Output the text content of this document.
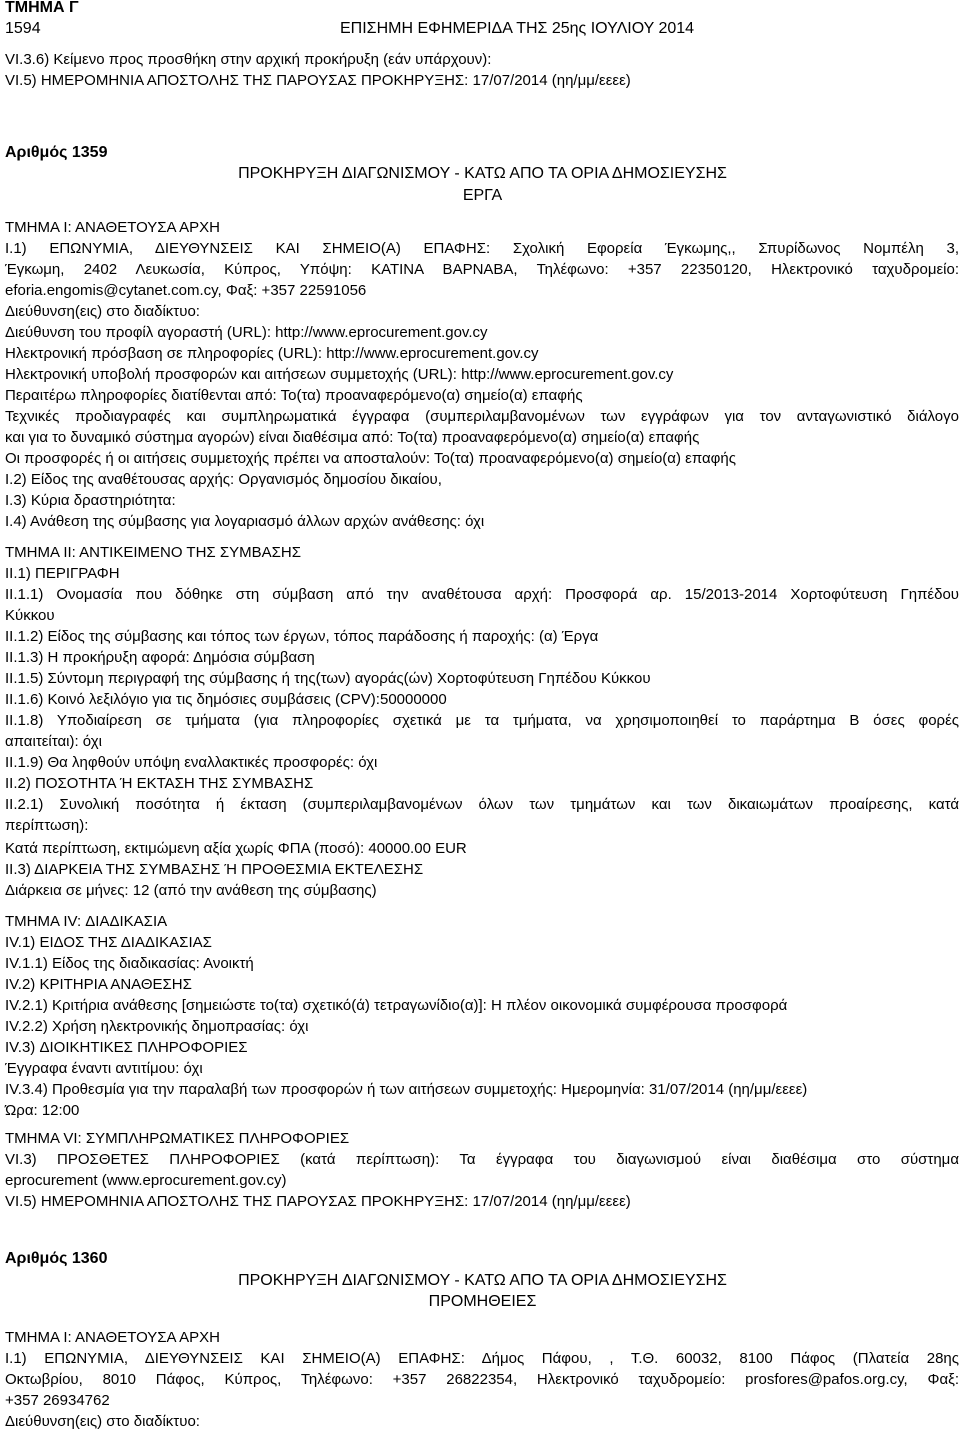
ΤΜΗΜΑ Γ
1594	ΕΠΙΣΗΜΗ ΕΦΗΜΕΡΙΔΑ ΤΗΣ 25ης ΙΟΥΛΙΟΥ 2014
VI.3.6) Κείμενο προς προσθήκη στην αρχική προκήρυξη (εάν υπάρχουν):
VI.5) ΗΜΕΡΟΜΗΝΙΑ ΑΠΟΣΤΟΛΗΣ ΤΗΣ ΠΑΡΟΥΣΑΣ ΠΡΟΚΗΡΥΞΗΣ: 17/07/2014 (ηη/μμ/εεεε)
Αριθμός 1359
ΠΡΟΚΗΡΥΞΗ ΔΙΑΓΩΝΙΣΜΟΥ - ΚΑΤΩ ΑΠΟ ΤΑ ΟΡΙΑ ΔΗΜΟΣΙΕΥΣΗΣ
ΕΡΓΑ
ΤΜΗΜΑ Ι: ΑΝΑΘΕΤΟΥΣΑ ΑΡΧΗ
Ι.1) ΕΠΩΝΥΜΙΑ, ΔΙΕΥΘΥΝΣΕΙΣ ΚΑΙ ΣΗΜΕΙΟ(Α) ΕΠΑΦΗΣ: Σχολική Εφορεία Έγκωμης,, Σπυρίδωνος Νομπέλη 3,
Έγκωμη, 2402 Λευκωσία, Κύπρος, Υπόψη: ΚΑΤΙΝΑ ΒΑΡΝΑΒΑ, Τηλέφωνο: +357 22350120, Ηλεκτρονικό ταχυδρομείο:
eforia.engomis@cytanet.com.cy, Φαξ: +357 22591056
Διεύθυνση(εις) στο διαδίκτυο:
Διεύθυνση του προφίλ αγοραστή (URL): http://www.eprocurement.gov.cy
Ηλεκτρονική πρόσβαση σε πληροφορίες (URL): http://www.eprocurement.gov.cy
Ηλεκτρονική υποβολή προσφορών και αιτήσεων συμμετοχής (URL): http://www.eprocurement.gov.cy
Περαιτέρω πληροφορίες διατίθενται από: Το(τα) προαναφερόμενο(α) σημείο(α) επαφής
Τεχνικές προδιαγραφές και συμπληρωματικά έγγραφα (συμπεριλαμβανομένων των εγγράφων για τον ανταγωνιστικό διάλογο
και για το δυναμικό σύστημα αγορών) είναι διαθέσιμα από: Το(τα) προαναφερόμενο(α) σημείο(α) επαφής
Οι προσφορές ή οι αιτήσεις συμμετοχής πρέπει να αποσταλούν: Το(τα) προαναφερόμενο(α) σημείο(α) επαφής
Ι.2) Είδος της αναθέτουσας αρχής: Οργανισμός δημοσίου δικαίου,
Ι.3) Κύρια δραστηριότητα:
Ι.4) Ανάθεση της σύμβασης για λογαριασμό άλλων αρχών ανάθεσης: όχι
ΤΜΗΜΑ ΙΙ: ΑΝΤΙΚΕΙΜΕΝΟ ΤΗΣ ΣΥΜΒΑΣΗΣ
ΙΙ.1) ΠΕΡΙΓΡΑΦΗ
ΙΙ.1.1) Ονομασία που δόθηκε στη σύμβαση από την αναθέτουσα αρχή: Προσφορά αρ. 15/2013-2014 Χορτοφύτευση Γηπέδου
Κύκκου
ΙΙ.1.2) Είδος της σύμβασης και τόπος των έργων, τόπος παράδοσης ή παροχής: (α) Έργα
ΙΙ.1.3) Η προκήρυξη αφορά: Δημόσια σύμβαση
ΙΙ.1.5) Σύντομη περιγραφή της σύμβασης ή της(των) αγοράς(ών) Χορτοφύτευση Γηπέδου Κύκκου
ΙΙ.1.6) Κοινό λεξιλόγιο για τις δημόσιες συμβάσεις (CPV):50000000
ΙΙ.1.8) Υποδιαίρεση σε τμήματα (για πληροφορίες σχετικά με τα τμήματα, να χρησιμοποιηθεί το παράρτημα Β όσες φορές
απαιτείται): όχι
ΙΙ.1.9) Θα ληφθούν υπόψη εναλλακτικές προσφορές: όχι
ΙΙ.2) ΠΟΣΟΤΗΤΑ Ή ΕΚΤΑΣΗ ΤΗΣ ΣΥΜΒΑΣΗΣ
ΙΙ.2.1) Συνολική ποσότητα ή έκταση (συμπεριλαμβανομένων όλων των τμημάτων και των δικαιωμάτων προαίρεσης, κατά
περίπτωση):
Κατά περίπτωση, εκτιμώμενη αξία χωρίς ΦΠΑ (ποσό): 40000.00 EUR
ΙΙ.3) ΔΙΑΡΚΕΙΑ ΤΗΣ ΣΥΜΒΑΣΗΣ Ή ΠΡΟΘΕΣΜΙΑ ΕΚΤΕΛΕΣΗΣ
Διάρκεια σε μήνες: 12 (από την ανάθεση της σύμβασης)
ΤΜΗΜΑ IV: ΔΙΑΔΙΚΑΣΙΑ
IV.1) ΕΙΔΟΣ ΤΗΣ ΔΙΑΔΙΚΑΣΙΑΣ
IV.1.1) Είδος της διαδικασίας: Ανοικτή
IV.2) ΚΡΙΤΗΡΙΑ ΑΝΑΘΕΣΗΣ
IV.2.1) Κριτήρια ανάθεσης [σημειώστε το(τα) σχετικό(ά) τετραγωνίδιο(α)]: Η πλέον οικονομικά συμφέρουσα προσφορά
IV.2.2) Χρήση ηλεκτρονικής δημοπρασίας: όχι
IV.3) ΔΙΟΙΚΗΤΙΚΕΣ ΠΛΗΡΟΦΟΡΙΕΣ
Έγγραφα έναντι αντιτίμου: όχι
IV.3.4) Προθεσμία για την παραλαβή των προσφορών ή των αιτήσεων συμμετοχής: Ημερομηνία: 31/07/2014 (ηη/μμ/εεεε)
Ώρα: 12:00
ΤΜΗΜΑ VI: ΣΥΜΠΛΗΡΩΜΑΤΙΚΕΣ ΠΛΗΡΟΦΟΡΙΕΣ
VI.3) ΠΡΟΣΘΕΤΕΣ ΠΛΗΡΟΦΟΡΙΕΣ (κατά περίπτωση): Τα έγγραφα του διαγωνισμού είναι διαθέσιμα στο σύστημα
eprocurement (www.eprocurement.gov.cy)
VI.5) ΗΜΕΡΟΜΗΝΙΑ ΑΠΟΣΤΟΛΗΣ ΤΗΣ ΠΑΡΟΥΣΑΣ ΠΡΟΚΗΡΥΞΗΣ: 17/07/2014 (ηη/μμ/εεεε)
Αριθμός 1360
ΠΡΟΚΗΡΥΞΗ ΔΙΑΓΩΝΙΣΜΟΥ - ΚΑΤΩ ΑΠΟ ΤΑ ΟΡΙΑ ΔΗΜΟΣΙΕΥΣΗΣ
ΠΡΟΜΗΘΕΙΕΣ
ΤΜΗΜΑ Ι: ΑΝΑΘΕΤΟΥΣΑ ΑΡΧΗ
Ι.1) ΕΠΩΝΥΜΙΑ, ΔΙΕΥΘΥΝΣΕΙΣ ΚΑΙ ΣΗΜΕΙΟ(Α) ΕΠΑΦΗΣ: Δήμος Πάφου, , Τ.Θ. 60032, 8100 Πάφος (Πλατεία 28ης
Οκτωβρίου, 8010 Πάφος, Κύπρος, Τηλέφωνο: +357 26822354, Ηλεκτρονικό ταχυδρομείο: prosfores@pafos.org.cy, Φαξ:
+357 26934762
Διεύθυνση(εις) στο διαδίκτυο:
